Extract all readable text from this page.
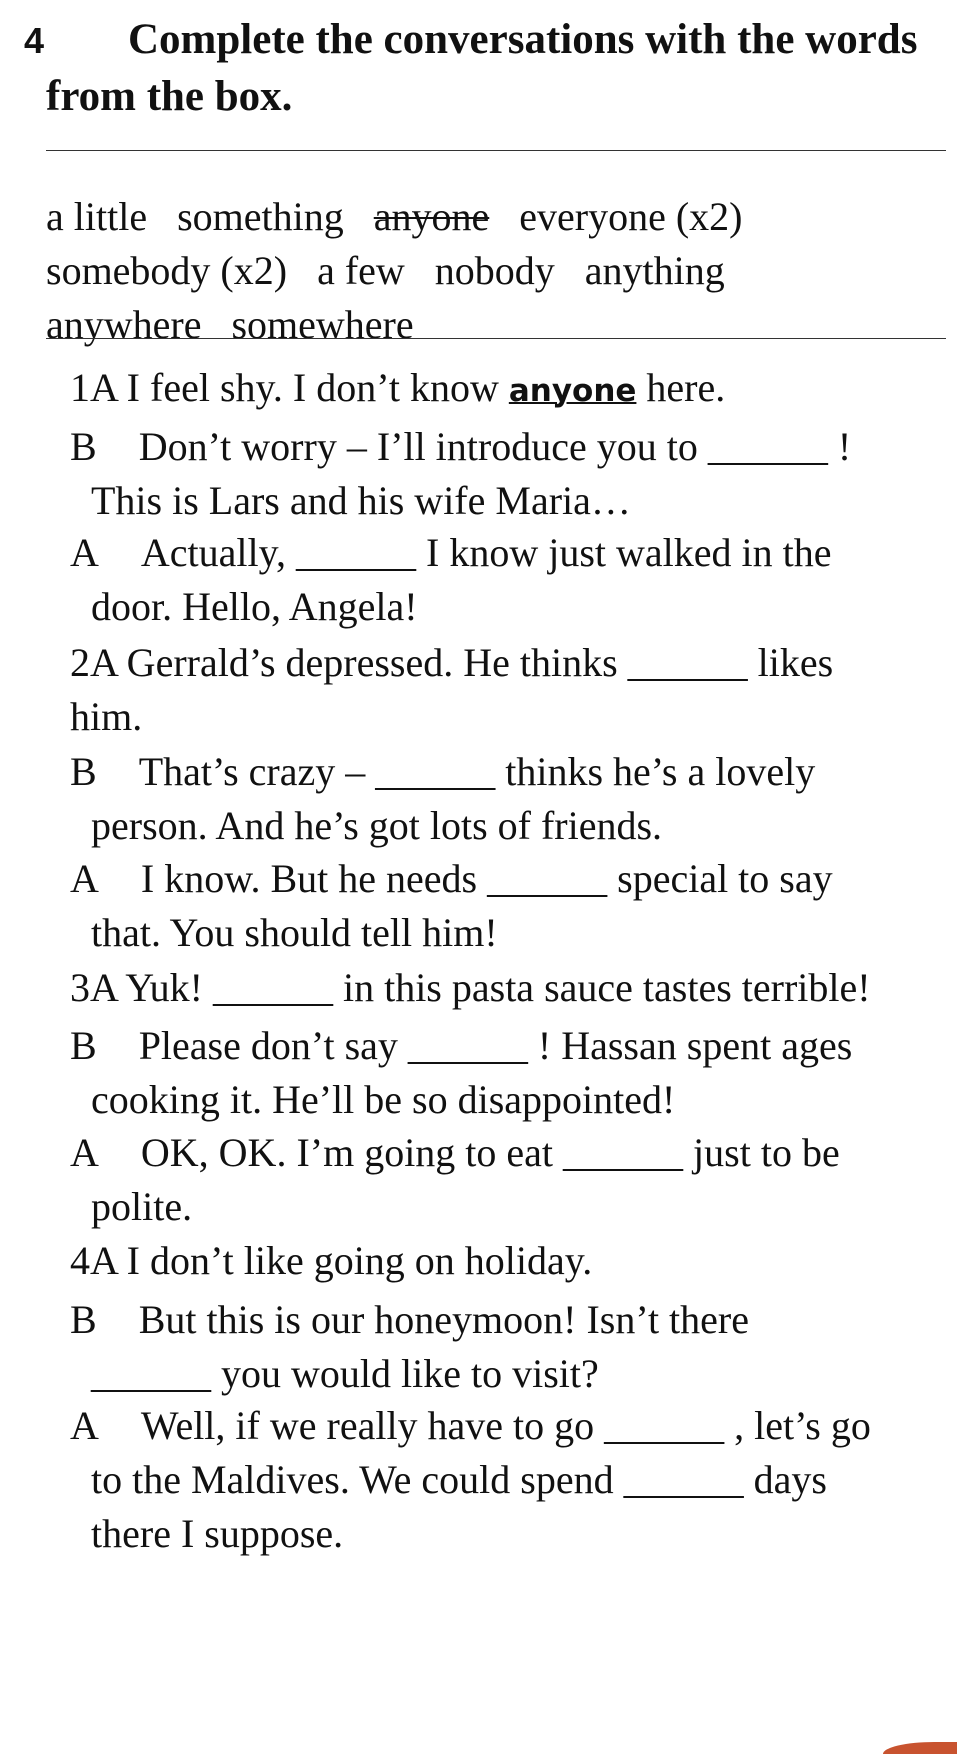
4 Complete the conversations with the words
from the box.
a little something anyone everyone (x2)
somebody (x2) a few nobody anything
anywhere somewhere
1A I feel shy. I don’t know anyone here.
B Don’t worry – I’ll introduce you to ______ !
This is Lars and his wife Maria…
A Actually, ______ I know just walked in the
door. Hello, Angela!
2A Gerrald’s depressed. He thinks ______ likes
him.
B That’s crazy – ______ thinks he’s a lovely
person. And he’s got lots of friends.
A I know. But he needs ______ special to say
that. You should tell him!
3A Yuk! ______ in this pasta sauce tastes terrible!
B Please don’t say ______ ! Hassan spent ages
cooking it. He’ll be so disappointed!
A OK, OK. I’m going to eat ______ just to be
polite.
4A I don’t like going on holiday.
B But this is our honeymoon! Isn’t there
______ you would like to visit?
A Well, if we really have to go ______ , let’s go
to the Maldives. We could spend ______ days
there I suppose.
